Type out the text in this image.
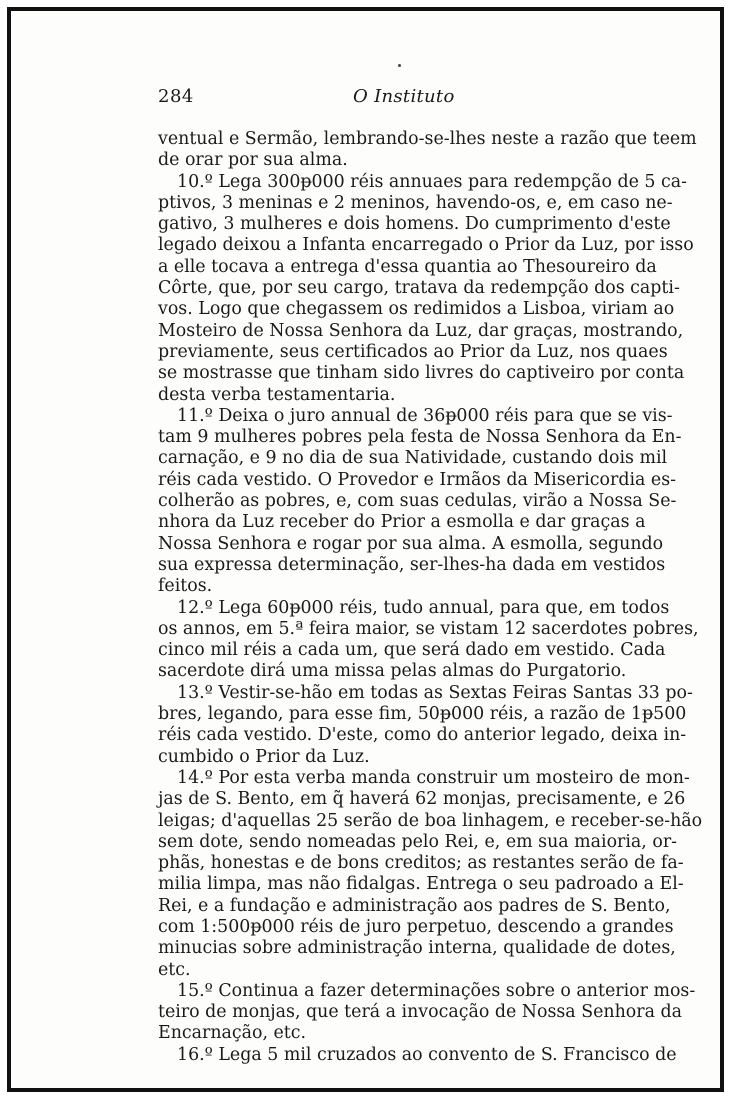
284	O Instituto
ventual e Sermão, lembrando-se-lhes neste a razão que teem
de orar por sua alma.
10.º Lega 300ᵽ000 réis annuaes para redempção de 5 ca-
ptivos, 3 meninas e 2 meninos, havendo-os, e, em caso ne-
gativo, 3 mulheres e dois homens. Do cumprimento d'este
legado deixou a Infanta encarregado o Prior da Luz, por isso
a elle tocava a entrega d'essa quantia ao Thesoureiro da
Côrte, que, por seu cargo, tratava da redempção dos capti-
vos. Logo que chegassem os redimidos a Lisboa, viriam ao
Mosteiro de Nossa Senhora da Luz, dar graças, mostrando,
previamente, seus certificados ao Prior da Luz, nos quaes
se mostrasse que tinham sido livres do captiveiro por conta
desta verba testamentaria.
11.º Deixa o juro annual de 36ᵽ000 réis para que se vis-
tam 9 mulheres pobres pela festa de Nossa Senhora da En-
carnação, e 9 no dia de sua Natividade, custando dois mil
réis cada vestido. O Provedor e Irmãos da Misericordia es-
colherão as pobres, e, com suas cedulas, virão a Nossa Se-
nhora da Luz receber do Prior a esmolla e dar graças a
Nossa Senhora e rogar por sua alma. A esmolla, segundo
sua expressa determinação, ser-lhes-ha dada em vestidos
feitos.
12.º Lega 60ᵽ000 réis, tudo annual, para que, em todos
os annos, em 5.ª feira maior, se vistam 12 sacerdotes pobres,
cinco mil réis a cada um, que será dado em vestido. Cada
sacerdote dirá uma missa pelas almas do Purgatorio.
13.º Vestir-se-hão em todas as Sextas Feiras Santas 33 po-
bres, legando, para esse fim, 50ᵽ000 réis, a razão de 1ᵽ500
réis cada vestido. D'este, como do anterior legado, deixa in-
cumbido o Prior da Luz.
14.º Por esta verba manda construir um mosteiro de mon-
jas de S. Bento, em q̃ haverá 62 monjas, precisamente, e 26
leigas; d'aquellas 25 serão de boa linhagem, e receber-se-hão
sem dote, sendo nomeadas pelo Rei, e, em sua maioria, or-
phãs, honestas e de bons creditos; as restantes serão de fa-
milia limpa, mas não fidalgas. Entrega o seu padroado a El-
Rei, e a fundação e administração aos padres de S. Bento,
com 1:500ᵽ000 réis de juro perpetuo, descendo a grandes
minucias sobre administração interna, qualidade de dotes,
etc.
15.º Continua a fazer determinações sobre o anterior mos-
teiro de monjas, que terá a invocação de Nossa Senhora da
Encarnação, etc.
16.º Lega 5 mil cruzados ao convento de S. Francisco de
